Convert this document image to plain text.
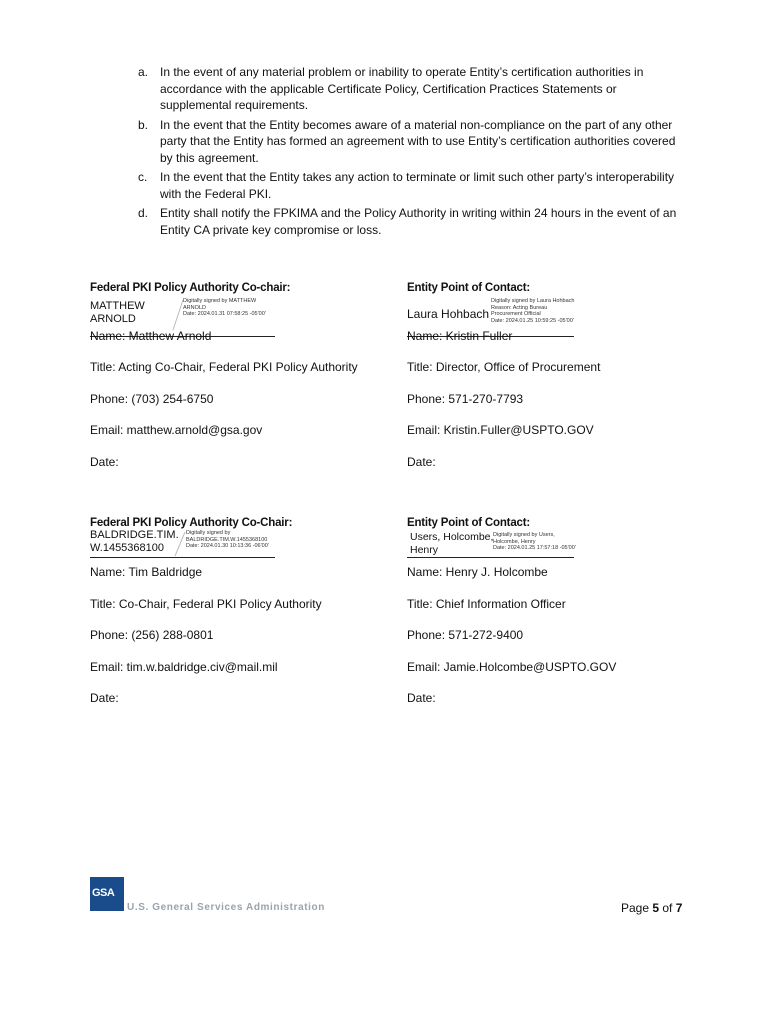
a. In the event of any material problem or inability to operate Entity’s certification authorities in accordance with the applicable Certificate Policy, Certification Practices Statements or supplemental requirements.
b. In the event that the Entity becomes aware of a material non-compliance on the part of any other party that the Entity has formed an agreement with to use Entity’s certification authorities covered by this agreement.
c. In the event that the Entity takes any action to terminate or limit such other party’s interoperability with the Federal PKI.
d. Entity shall notify the FPKIMA and the Policy Authority in writing within 24 hours in the event of an Entity CA private key compromise or loss.
Federal PKI Policy Authority Co-chair:
MATTHEW
ARNOLD
Digitally signed by MATTHEW
ARNOLD
Date: 2024.01.31 07:58:25 -05'00'
Name: Matthew Arnold
Title: Acting Co-Chair, Federal PKI Policy Authority
Phone: (703) 254-6750
Email: matthew.arnold@gsa.gov
Date:
Entity Point of Contact:
Laura Hohbach
Digitally signed by Laura Hohbach
Reason: Acting Bureau
Procurement Official
Date: 2024.01.25 10:59:25 -05'00'
Name: Kristin Fuller
Title: Director, Office of Procurement
Phone: 571-270-7793
Email: Kristin.Fuller@USPTO.GOV
Date:
Federal PKI Policy Authority Co-Chair:
BALDRIDGE.TIM.
W.1455368100
Digitally signed by
BALDRIDGE.TIM.W.1455368100
Date: 2024.01.30 10:13:36 -06'00'
Name: Tim Baldridge
Title: Co-Chair, Federal PKI Policy Authority
Phone: (256) 288-0801
Email: tim.w.baldridge.civ@mail.mil
Date:
Entity Point of Contact:
Users, Holcombe,
Henry
Digitally signed by Users,
Holcombe, Henry
Date: 2024.01.25 17:57:18 -05'00'
Name: Henry J. Holcombe
Title: Chief Information Officer
Phone: 571-272-9400
Email: Jamie.Holcombe@USPTO.GOV
Date:
GSA
U.S. General Services Administration	Page 5 of 7
